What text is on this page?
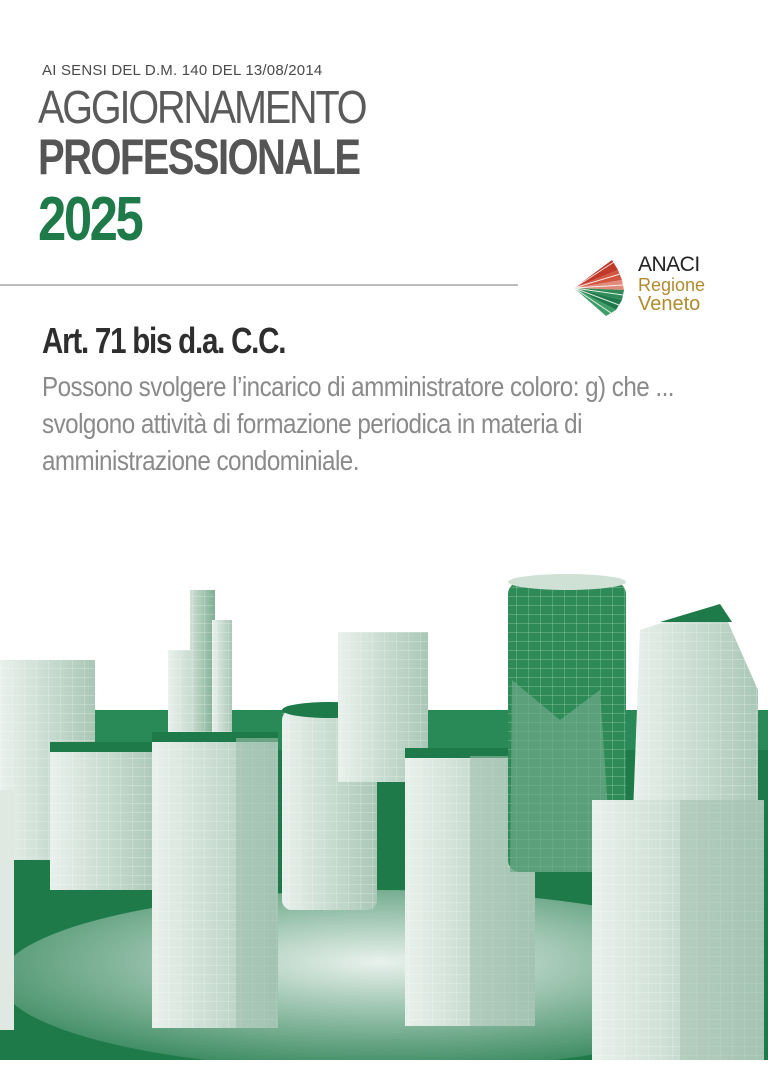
AI SENSI DEL D.M. 140 DEL 13/08/2014
AGGIORNAMENTO
PROFESSIONALE
2025
ANACI
Regione
Veneto
Art. 71 bis d.a. C.C.
Possono svolgere l’incarico di amministratore coloro: g) che ... svolgono attività di formazione periodica in materia di amministrazione condominiale.
